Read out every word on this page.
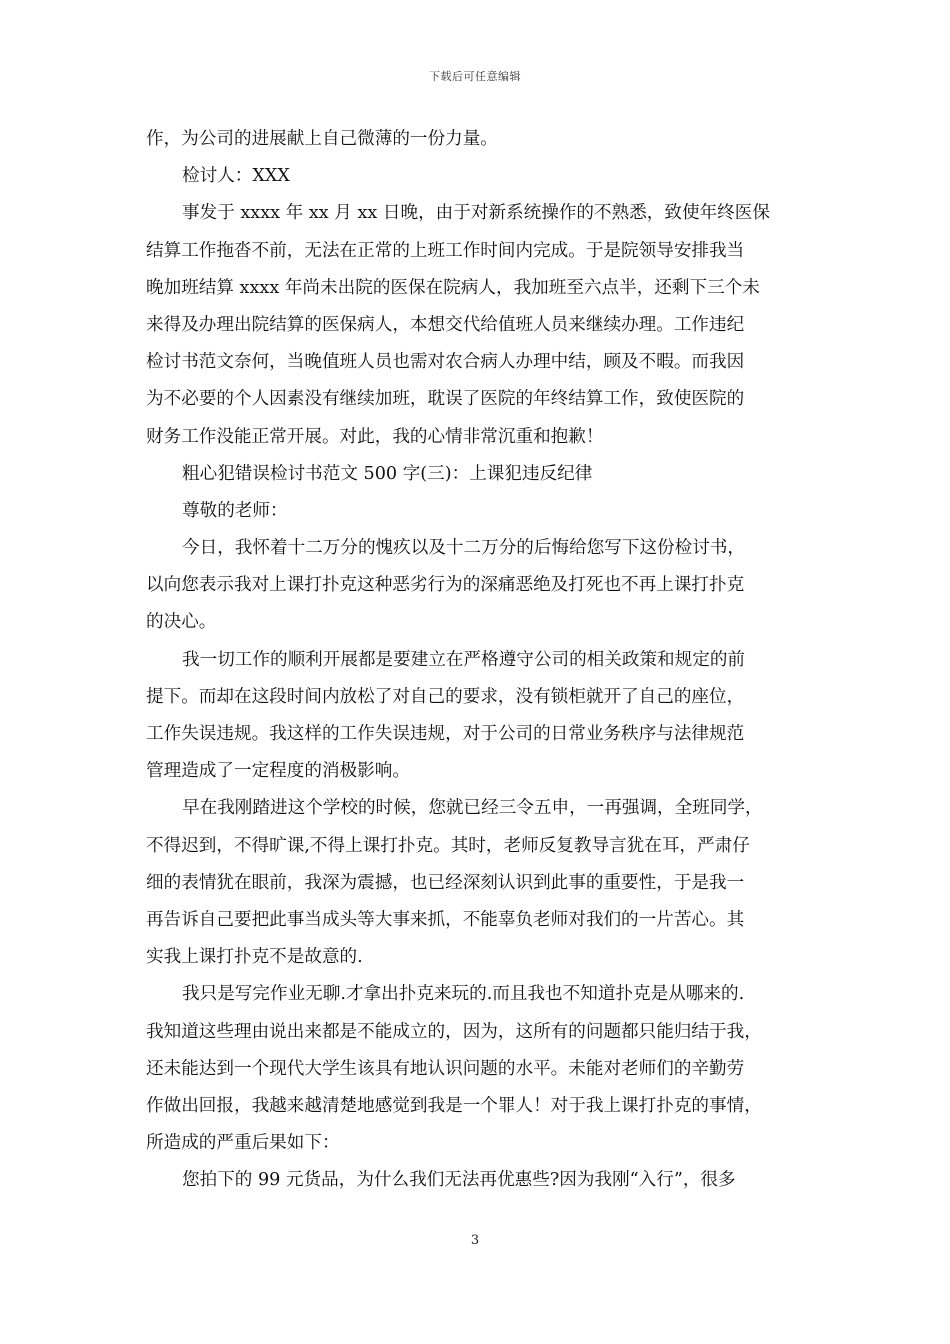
下载后可任意编辑
作，为公司的进展献上自己微薄的一份力量。
检讨人：XXX
事发于 xxxx 年 xx 月 xx 日晚，由于对新系统操作的不熟悉，致使年终医保
结算工作拖沓不前，无法在正常的上班工作时间内完成。于是院领导安排我当
晚加班结算 xxxx 年尚未出院的医保在院病人，我加班至六点半，还剩下三个未
来得及办理出院结算的医保病人，本想交代给值班人员来继续办理。工作违纪
检讨书范文奈何，当晚值班人员也需对农合病人办理中结，顾及不暇。而我因
为不必要的个人因素没有继续加班，耽误了医院的年终结算工作，致使医院的
财务工作没能正常开展。对此，我的心情非常沉重和抱歉！
粗心犯错误检讨书范文 500 字(三)：上课犯违反纪律
尊敬的老师：
今日，我怀着十二万分的愧疚以及十二万分的后悔给您写下这份检讨书，
以向您表示我对上课打扑克这种恶劣行为的深痛恶绝及打死也不再上课打扑克
的决心。
我一切工作的顺利开展都是要建立在严格遵守公司的相关政策和规定的前
提下。而却在这段时间内放松了对自己的要求，没有锁柜就开了自己的座位，
工作失误违规。我这样的工作失误违规，对于公司的日常业务秩序与法律规范
管理造成了一定程度的消极影响。
早在我刚踏进这个学校的时候，您就已经三令五申，一再强调，全班同学，
不得迟到，不得旷课,不得上课打扑克。其时，老师反复教导言犹在耳，严肃仔
细的表情犹在眼前，我深为震撼，也已经深刻认识到此事的重要性，于是我一
再告诉自己要把此事当成头等大事来抓，不能辜负老师对我们的一片苦心。其
实我上课打扑克不是故意的.
我只是写完作业无聊.才拿出扑克来玩的.而且我也不知道扑克是从哪来的.
我知道这些理由说出来都是不能成立的，因为，这所有的问题都只能归结于我，
还未能达到一个现代大学生该具有地认识问题的水平。未能对老师们的辛勤劳
作做出回报，我越来越清楚地感觉到我是一个罪人！对于我上课打扑克的事情，
所造成的严重后果如下：
您拍下的 99 元货品，为什么我们无法再优惠些?因为我刚“入行”，很多
3
